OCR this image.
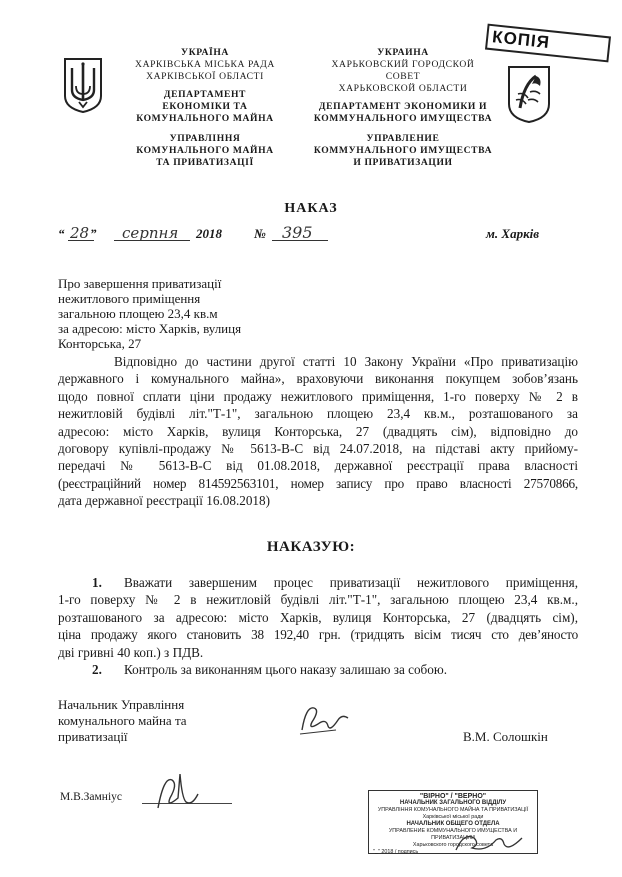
УКРАЇНА
ХАРКІВСЬКА МІСЬКА РАДА
ХАРКІВСЬКОЇ ОБЛАСТІ
ДЕПАРТАМЕНТ
ЕКОНОМІКИ ТА
КОМУНАЛЬНОГО МАЙНА
УПРАВЛІННЯ
КОМУНАЛЬНОГО МАЙНА
ТА ПРИВАТИЗАЦІЇ
УКРАИНА
ХАРЬКОВСКИЙ ГОРОДСКОЙ
СОВЕТ
ХАРЬКОВСКОЙ ОБЛАСТИ
ДЕПАРТАМЕНТ ЭКОНОМИКИ И
КОММУНАЛЬНОГО ИМУЩЕСТВА
УПРАВЛЕНИЕ
КОММУНАЛЬНОГО ИМУЩЕСТВА
И ПРИВАТИЗАЦИИ
КОПІЯ
НАКАЗ
“ 28 ” серпня 2018 № 395	м. Харків
Про завершення приватизації
нежитлового приміщення
загальною площею 23,4 кв.м
за адресою: місто Харків, вулиця
Конторська, 27
Відповідно до частини другої статті 10 Закону України «Про приватизацію
державного і комунального майна», враховуючи виконання покупцем зобов’язань
щодо повної сплати ціни продажу нежитлового приміщення, 1-го поверху № 2 в
нежитловій будівлі літ."Т-1", загальною площею 23,4 кв.м., розташованого за
адресою: місто Харків, вулиця Конторська, 27 (двадцять сім), відповідно до
договору купівлі-продажу № 5613-В-С від 24.07.2018, на підставі акту прийому-
передачі № 5613-В-С від 01.08.2018, державної реєстрації права власності
(реєстраційний номер 814592563101, номер запису про право власності 27570866,
дата державної реєстрації 16.08.2018)
НАКАЗУЮ:
1. Вважати завершеним процес приватизації нежитлового приміщення,
1-го поверху № 2 в нежитловій будівлі літ."Т-1", загальною площею 23,4 кв.м.,
розташованого за адресою: місто Харків, вулиця Конторська, 27 (двадцять сім),
ціна продажу якого становить 38 192,40 грн. (тридцять вісім тисяч сто дев’яносто
дві гривні 40 коп.) з ПДВ.
2. Контроль за виконанням цього наказу залишаю за собою.
Начальник Управління
комунального майна та
приватизації	В.М. Солошкін
М.В.Замніус	"ВІРНО" / "ВЕРНО"
НАЧАЛЬНИК ЗАГАЛЬНОГО ВІДДІЛУ
УПРАВЛІННЯ КОМУНАЛЬНОГО МАЙНА ТА ПРИВАТИЗАЦІЇ
Харківської міської ради
НАЧАЛЬНИК ОБЩЕГО ОТДЕЛА
УПРАВЛЕНИЕ КОММУНАЛЬНОГО ИМУЩЕСТВА И ПРИВАТИЗАЦИИ
Харьковского городского совета
"_" 2018 / подпись
